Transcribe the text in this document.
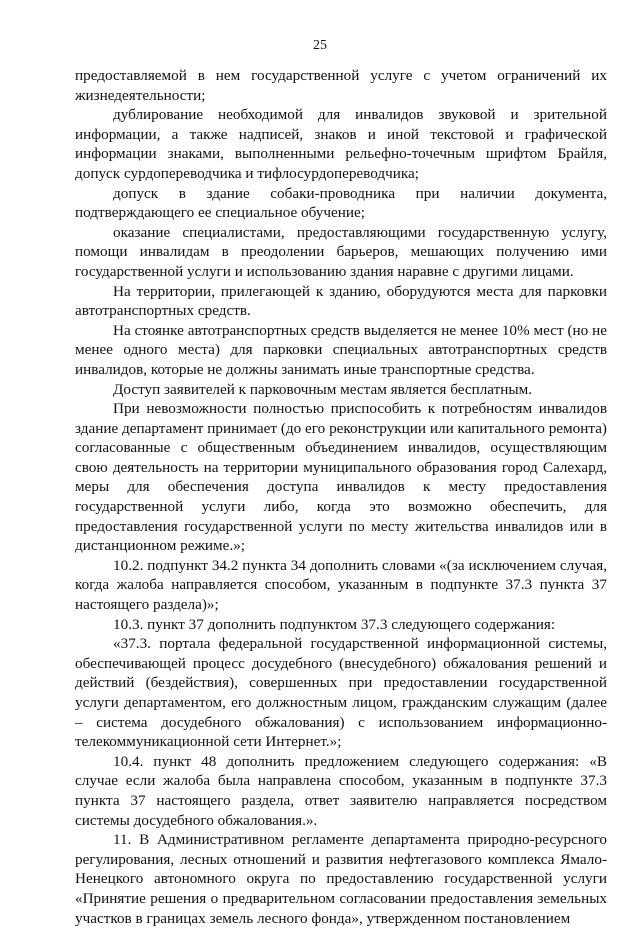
25

предоставляемой в нем государственной услуге с учетом ограничений их жизнедеятельности;

дублирование необходимой для инвалидов звуковой и зрительной информации, а также надписей, знаков и иной текстовой и графической информации знаками, выполненными рельефно-точечным шрифтом Брайля, допуск сурдопереводчика и тифлосурдопереводчика;

допуск в здание собаки-проводника при наличии документа, подтверждающего ее специальное обучение;

оказание специалистами, предоставляющими государственную услугу, помощи инвалидам в преодолении барьеров, мешающих получению ими государственной услуги и использованию здания наравне с другими лицами.

На территории, прилегающей к зданию, оборудуются места для парковки автотранспортных средств.

На стоянке автотранспортных средств выделяется не менее 10% мест (но не менее одного места) для парковки специальных автотранспортных средств инвалидов, которые не должны занимать иные транспортные средства.

Доступ заявителей к парковочным местам является бесплатным.

При невозможности полностью приспособить к потребностям инвалидов здание департамент принимает (до его реконструкции или капитального ремонта) согласованные с общественным объединением инвалидов, осуществляющим свою деятельность на территории муниципального образования город Салехард, меры для обеспечения доступа инвалидов к месту предоставления государственной услуги либо, когда это возможно обеспечить, для предоставления государственной услуги по месту жительства инвалидов или в дистанционном режиме.»;

10.2. подпункт 34.2 пункта 34 дополнить словами «(за исключением случая, когда жалоба направляется способом, указанным в подпункте 37.3 пункта 37 настоящего раздела)»;

10.3. пункт 37 дополнить подпунктом 37.3 следующего содержания:

«37.3. портала федеральной государственной информационной системы, обеспечивающей процесс досудебного (внесудебного) обжалования решений и действий (бездействия), совершенных при предоставлении государственной услуги департаментом, его должностным лицом, гражданским служащим (далее – система досудебного обжалования) с использованием информационно-телекоммуникационной сети Интернет.»;

10.4. пункт 48 дополнить предложением следующего содержания: «В случае если жалоба была направлена способом, указанным в подпункте 37.3 пункта 37 настоящего раздела, ответ заявителю направляется посредством системы досудебного обжалования.».

11. В Административном регламенте департамента природно-ресурсного регулирования, лесных отношений и развития нефтегазового комплекса Ямало-Ненецкого автономного округа по предоставлению государственной услуги «Принятие решения о предварительном согласовании предоставления земельных участков в границах земель лесного фонда», утвержденном постановлением
